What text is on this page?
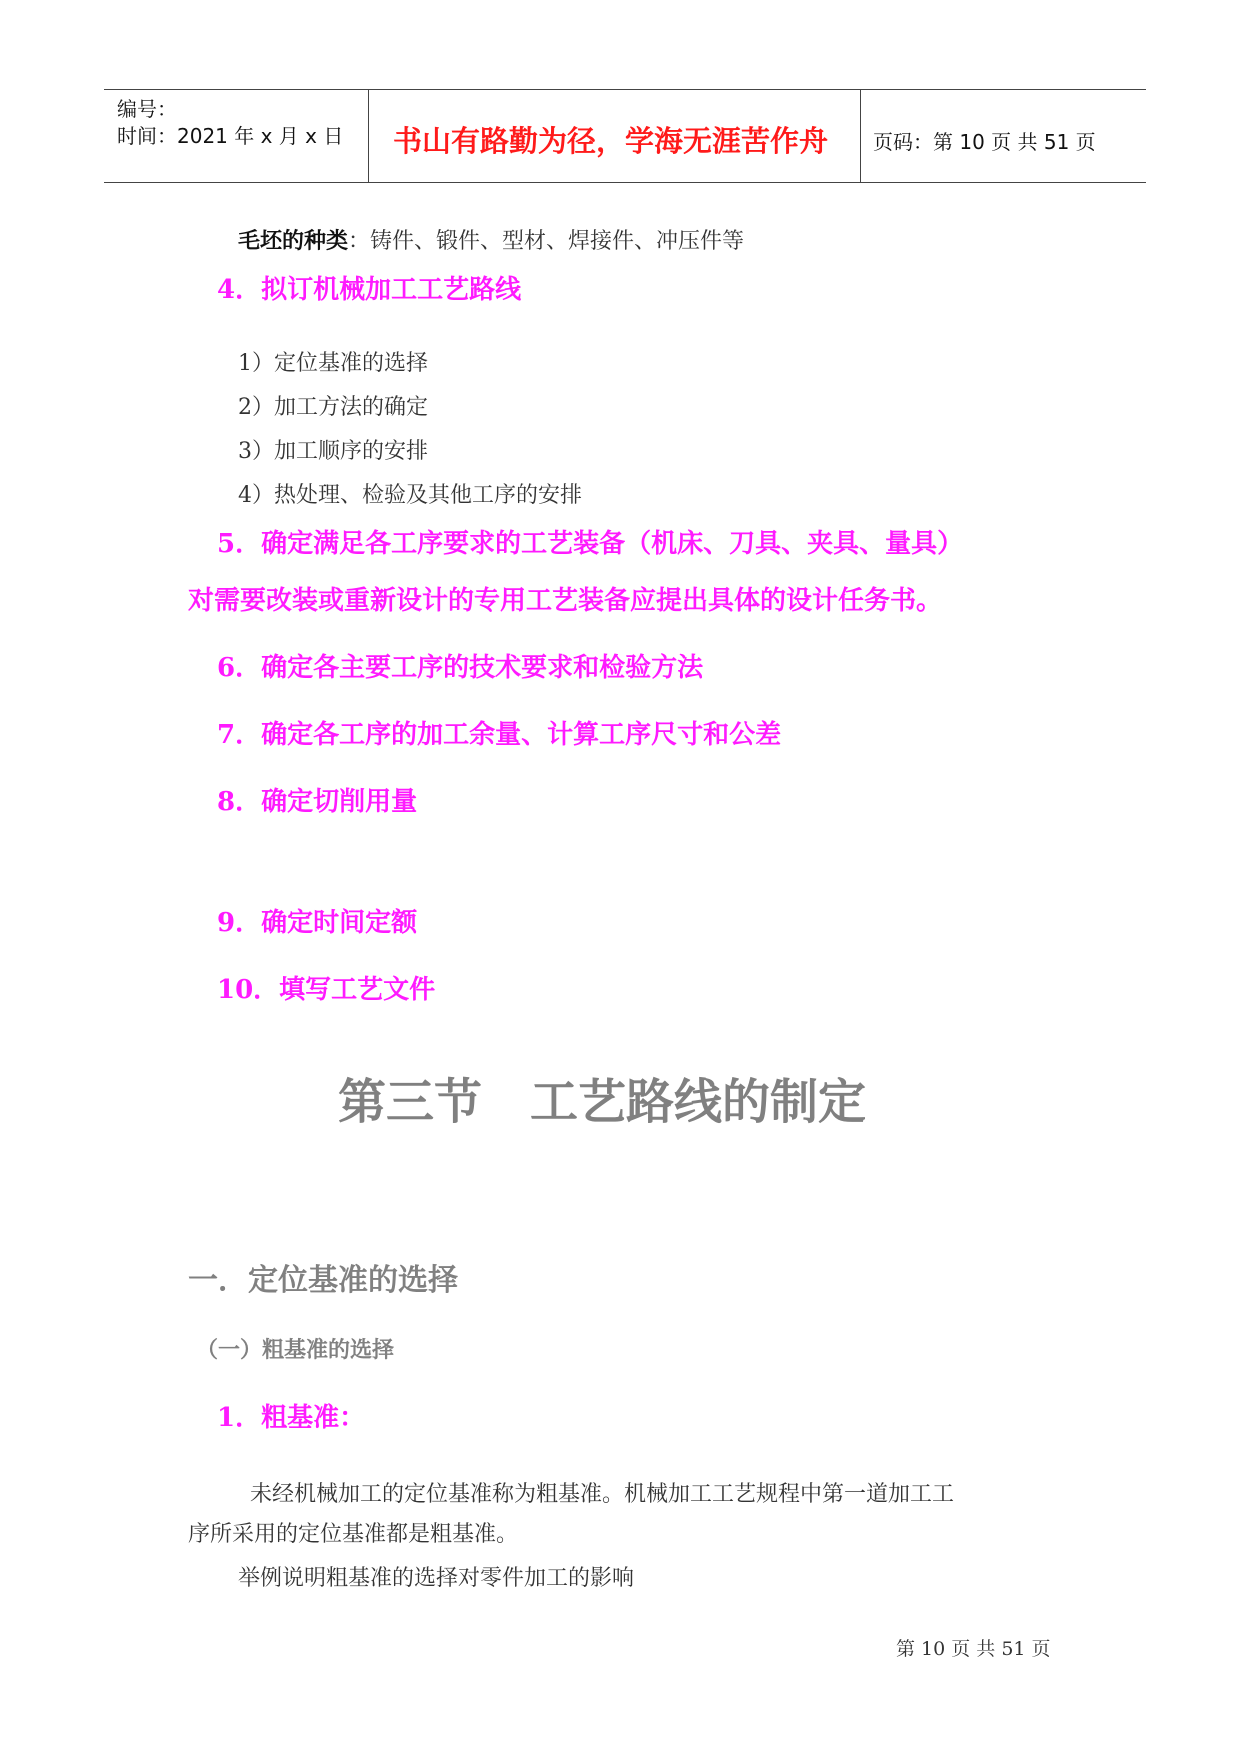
编号：
时间：2021 年 x 月 x 日 书山有路勤为径，学海无涯苦作舟 页码：第 10 页 共 51 页
毛坯的种类：铸件、锻件、型材、焊接件、冲压件等
4．拟订机械加工工艺路线
1）定位基准的选择
2）加工方法的确定
3）加工顺序的安排
4）热处理、检验及其他工序的安排
5．确定满足各工序要求的工艺装备（机床、刀具、夹具、量具）
对需要改装或重新设计的专用工艺装备应提出具体的设计任务书。
6．确定各主要工序的技术要求和检验方法
7．确定各工序的加工余量、计算工序尺寸和公差
8．确定切削用量
9．确定时间定额
10．填写工艺文件
第三节　工艺路线的制定
一．定位基准的选择
（一）粗基准的选择
1．粗基准：
未经机械加工的定位基准称为粗基准。机械加工工艺规程中第一道加工工
序所采用的定位基准都是粗基准。
举例说明粗基准的选择对零件加工的影响
第 10 页 共 51 页
